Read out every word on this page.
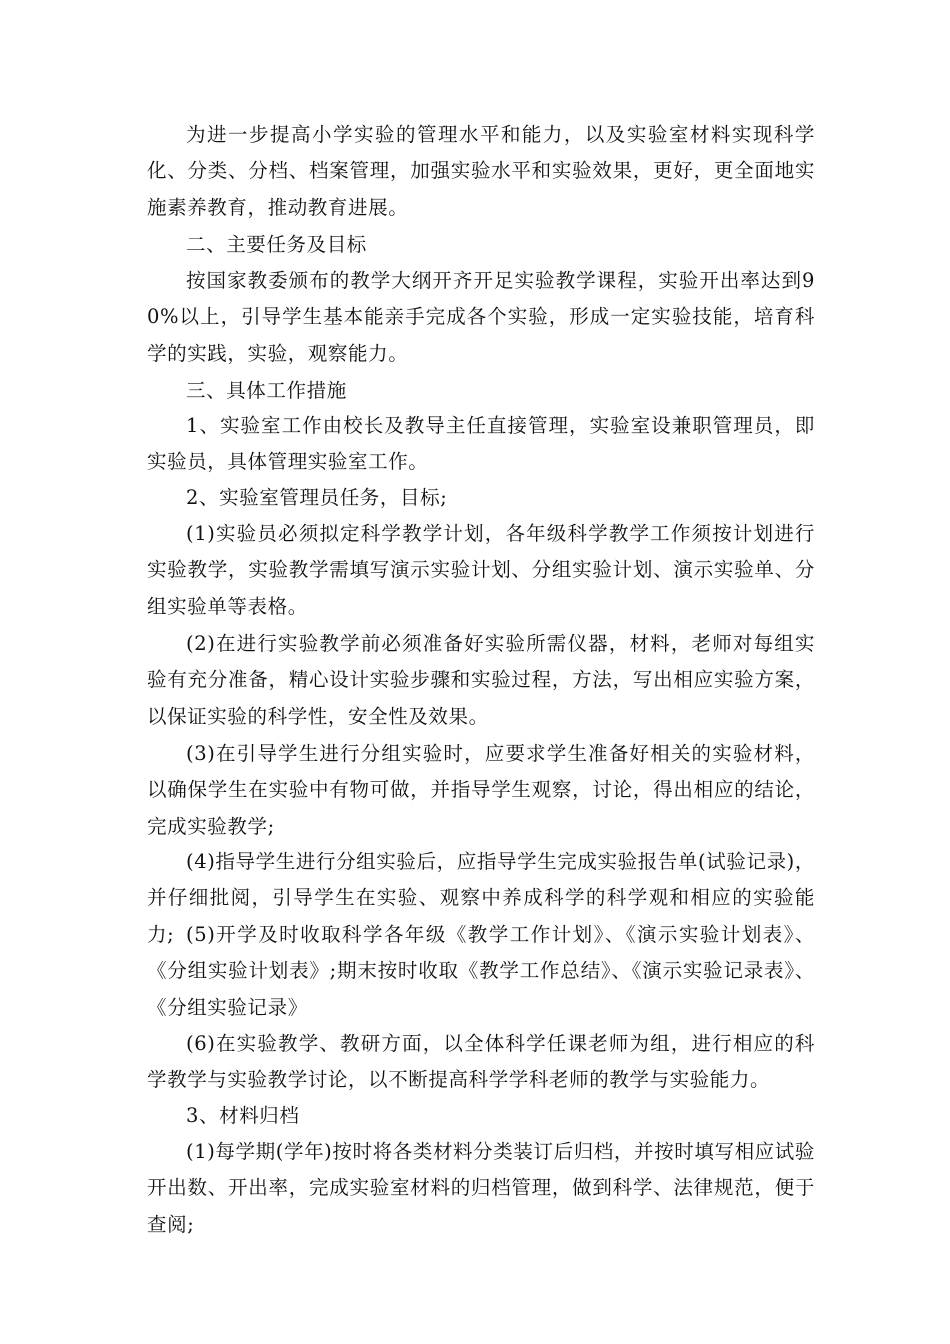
为进一步提高小学实验的管理水平和能力，以及实验室材料实现科学化、分类、分档、档案管理，加强实验水平和实验效果，更好，更全面地实施素养教育，推动教育进展。

二、主要任务及目标

按国家教委颁布的教学大纲开齐开足实验教学课程，实验开出率达到90%以上，引导学生基本能亲手完成各个实验，形成一定实验技能，培育科学的实践，实验，观察能力。

三、具体工作措施

1、实验室工作由校长及教导主任直接管理，实验室设兼职管理员，即实验员，具体管理实验室工作。

2、实验室管理员任务，目标;

(1)实验员必须拟定科学教学计划，各年级科学教学工作须按计划进行实验教学，实验教学需填写演示实验计划、分组实验计划、演示实验单、分组实验单等表格。

(2)在进行实验教学前必须准备好实验所需仪器，材料，老师对每组实验有充分准备，精心设计实验步骤和实验过程，方法，写出相应实验方案，以保证实验的科学性，安全性及效果。

(3)在引导学生进行分组实验时，应要求学生准备好相关的实验材料，以确保学生在实验中有物可做，并指导学生观察，讨论，得出相应的结论，完成实验教学;

(4)指导学生进行分组实验后，应指导学生完成实验报告单(试验记录)，并仔细批阅，引导学生在实验、观察中养成科学的科学观和相应的实验能力; (5)开学及时收取科学各年级《教学工作计划》、《演示实验计划表》、《分组实验计划表》;期末按时收取《教学工作总结》、《演示实验记录表》、《分组实验记录》

(6)在实验教学、教研方面，以全体科学任课老师为组，进行相应的科学教学与实验教学讨论，以不断提高科学学科老师的教学与实验能力。

3、材料归档

(1)每学期(学年)按时将各类材料分类装订后归档，并按时填写相应试验开出数、开出率，完成实验室材料的归档管理，做到科学、法律规范，便于查阅;
